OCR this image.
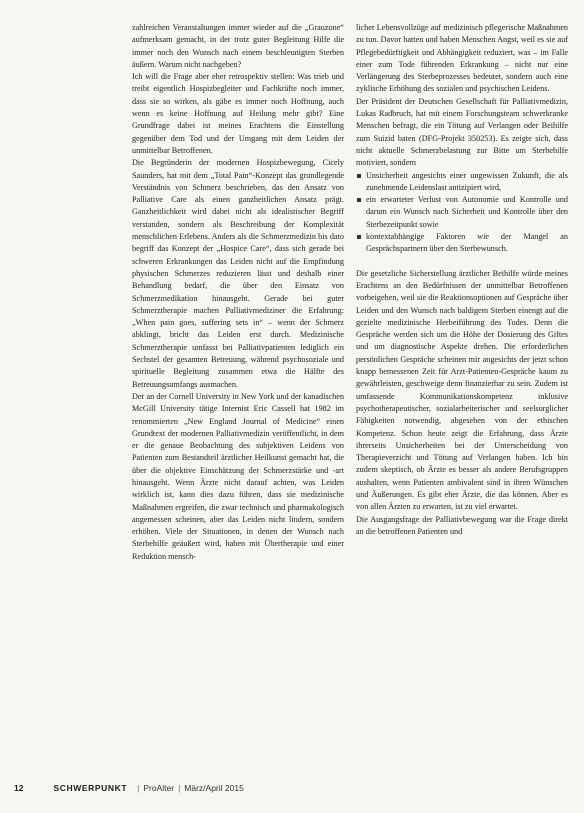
zahlreichen Veranstaltungen immer wieder auf die „Grauzone“ aufmerksam gemacht, in der trotz guter Begleitung Hilfe die immer noch den Wunsch nach einem beschleunigten Sterben äußern. Warum nicht nachgeben?

Ich will die Frage aber eher retrospektiv stellen: Was trieb und treibt eigentlich Hospizbegleiter und Fachkräfte noch immer, dass sie so wirken, als gäbe es immer noch Hoffnung, auch wenn es keine Hoffnung auf Heilung mehr gibt? Eine Grundfrage dabei ist meines Erachtens die Einstellung gegenüber dem Tod und der Umgang mit dem Leiden der unmittelbar Betroffenen.

Die Begründerin der modernen Hospizbewegung, Cicely Saunders, hat mit dem „Total Pain“-Konzept das grundlegende Verständnis von Schmerz beschrieben, das den Ansatz von Palliative Care als einen ganzheitlichen Ansatz prägt. Ganzheitlichkeit wird dabei nicht als idealistischer Begriff verstanden, sondern als Beschreibung der Komplexität menschlichen Erlebens. Anders als die Schmerzmedizin bis dato begriff das Konzept der „Hospice Care“, dass sich gerade bei schweren Erkrankungen das Leiden nicht auf die Empfindung physischen Schmerzes reduzieren lässt und deshalb einer Behandlung bedarf, die über den Einsatz von Schmerzmedikation hinausgeht. Gerade bei guter Schmerztherapie machen Palliativmediziner die Erfahrung: „When pain goes, suffering sets in“ – wenn der Schmerz abklingt, bricht das Leiden erst durch. Medizinische Schmerztherapie umfasst bei Palliativpatienten lediglich ein Sechstel der gesamten Betreuung, während psychosoziale und spirituelle Begleitung zusammen etwa die Hälfte des Betreuungsumfangs ausmachen.

Der an der Cornell University in New York und der kanadischen McGill University tätige Internist Eric Cassell hat 1982 im renommierten „New England Journal of Medicine“ einen Grundtext der modernen Palliativmedizin veröffentlicht, in dem er die genaue Beobachtung des subjektiven Leidens von Patienten zum Bestandteil ärztlicher Heilkunst gemacht hat, die über die objektive Einschätzung der Schmerzstärke und -art hinausgeht. Wenn Ärzte nicht darauf achten, was Leiden wirklich ist, kann dies dazu führen, dass sie medizinische Maßnahmen ergreifen, die zwar technisch und pharmakologisch angemessen scheinen, aber das Leiden nicht lindern, sondern erhöhen. Viele der Situationen, in denen der Wunsch nach Sterbehilfe geäußert wird, haben mit Übertherapie und einer Reduktion mensch-

licher Lebensvollzüge auf medizinisch pflegerische Maßnahmen zu tun. Davor hatten und haben Menschen Angst, weil es sie auf Pflegebedürftigkeit und Abhängigkeit reduziert, was – im Falle einer zum Tode führenden Erkrankung – nicht nur eine Verlängerung des Sterbeprozesses bedeutet, sondern auch eine zyklische Erhöhung des sozialen und psychischen Leidens.

Der Präsident der Deutschen Gesellschaft für Palliativmedizin, Lukas Radbruch, hat mit einem Forschungsteam schwerkranke Menschen befragt, die ein Tötung auf Verlangen oder Beihilfe zum Suizid baten (DFG-Projekt 350253). Es zeigte sich, dass nicht aktuelle Schmerzbelastung zur Bitte um Sterbehilfe motiviert, sondern

Unsicherheit angesichts einer ungewissen Zukunft, die als zunehmende Leidenslast antizipiert wird,
ein erwarteter Verlust von Autonomie und Kontrolle und darum ein Wunsch nach Sicherheit und Kontrolle über den Sterbezeitpunkt sowie
kontextabhängige Faktoren wie der Mangel an Gesprächspartnern über den Sterbewunsch.

Die gesetzliche Sicherstellung ärztlicher Beihilfe würde meines Erachtens an den Bedürfnissen der unmittelbar Betroffenen vorbeigehen, weil sie die Reaktionsoptionen auf Gespräche über Leiden und den Wunsch nach baldigem Sterben einengt auf die gezielte medizinische Herbeiführung des Todes. Denn die Gespräche werden sich um die Höhe der Dosierung des Giftes und um diagnostische Aspekte drehen. Die erforderlichen persönlichen Gespräche scheinen mir angesichts der jetzt schon knapp bemessenen Zeit für Arzt-Patienten-Gespräche kaum zu gewährleisten, geschweige denn finanzierbar zu sein. Zudem ist umfassende Kommunikationskompetenz inklusive psychotherapeutischer, sozialarbeiterischer und seelsorglicher Fähigkeiten notwendig, abgesehen von der ethischen Kompetenz. Schon heute zeigt die Erfahrung, dass Ärzte ihrerseits Unsicherheiten bei der Unterscheidung von Therapieverzicht und Tötung auf Verlangen haben. Ich bin zudem skeptisch, ob Ärzte es besser als andere Berufsgruppen aushalten, wenn Patienten ambivalent sind in ihren Wünschen und Äußerungen. Es gibt eher Ärzte, die das können. Aber es von allen Ärzten zu erwarten, ist zu viel erwartet.

Die Ausgangsfrage der Palliativbewegung war die Frage direkt an die betroffenen Patienten und

12	SCHWERPUNKT | ProAlter | März/April 2015
